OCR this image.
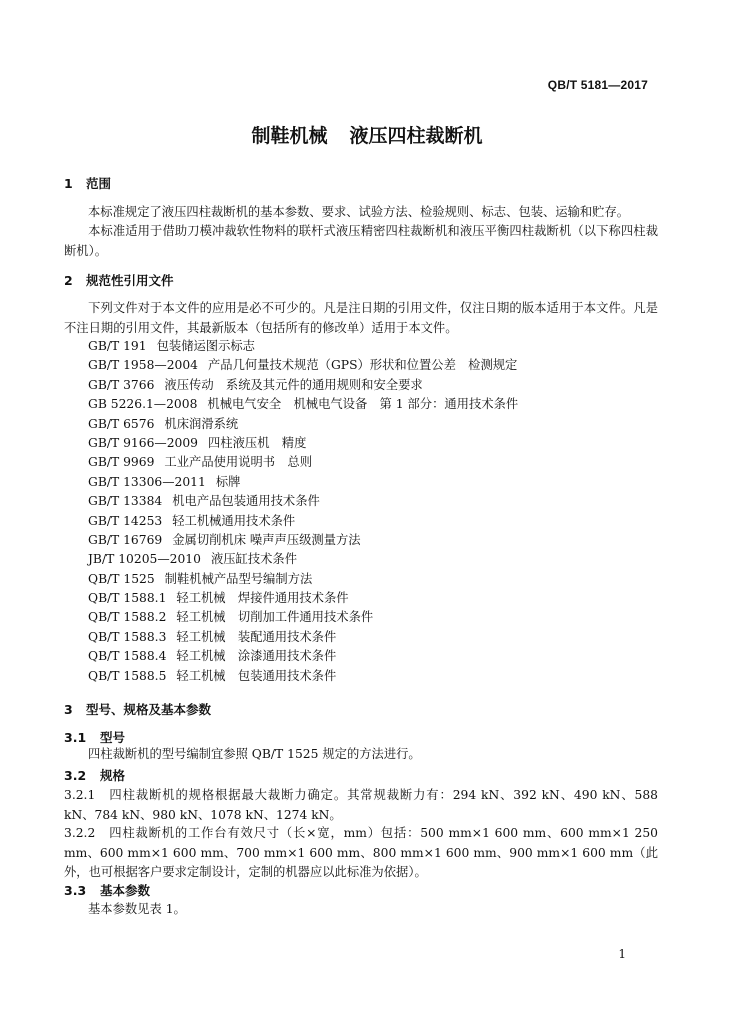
QB/T 5181—2017
制鞋机械 液压四柱裁断机
1 范围
本标准规定了液压四柱裁断机的基本参数、要求、试验方法、检验规则、标志、包装、运输和贮存。
本标准适用于借助刀模冲裁软性物料的联杆式液压精密四柱裁断机和液压平衡四柱裁断机（以下称四柱裁断机）。
2 规范性引用文件
下列文件对于本文件的应用是必不可少的。凡是注日期的引用文件，仅注日期的版本适用于本文件。凡是不注日期的引用文件，其最新版本（包括所有的修改单）适用于本文件。
GB/T 191 包装储运图示标志
GB/T 1958—2004 产品几何量技术规范（GPS）形状和位置公差　检测规定
GB/T 3766 液压传动　系统及其元件的通用规则和安全要求
GB 5226.1—2008 机械电气安全　机械电气设备　第 1 部分：通用技术条件
GB/T 6576 机床润滑系统
GB/T 9166—2009 四柱液压机　精度
GB/T 9969 工业产品使用说明书　总则
GB/T 13306—2011 标牌
GB/T 13384 机电产品包装通用技术条件
GB/T 14253 轻工机械通用技术条件
GB/T 16769 金属切削机床 噪声声压级测量方法
JB/T 10205—2010 液压缸技术条件
QB/T 1525 制鞋机械产品型号编制方法
QB/T 1588.1 轻工机械　焊接件通用技术条件
QB/T 1588.2 轻工机械　切削加工件通用技术条件
QB/T 1588.3 轻工机械　装配通用技术条件
QB/T 1588.4 轻工机械　涂漆通用技术条件
QB/T 1588.5 轻工机械　包装通用技术条件
3 型号、规格及基本参数
3.1 型号
四柱裁断机的型号编制宜参照 QB/T 1525 规定的方法进行。
3.2 规格
3.2.1　 四柱裁断机的规格根据最大裁断力确定。其常规裁断力有：294 kN、392 kN、490 kN、588 kN、784 kN、980 kN、1078 kN、1274 kN。
3.2.2　 四柱裁断机的工作台有效尺寸（长×宽，mm）包括：500 mm×1 600 mm、600 mm×1 250 mm、600 mm×1 600 mm、700 mm×1 600 mm、800 mm×1 600 mm、900 mm×1 600 mm（此外，也可根据客户要求定制设计，定制的机器应以此标准为依据）。
3.3 基本参数
基本参数见表 1。
1
